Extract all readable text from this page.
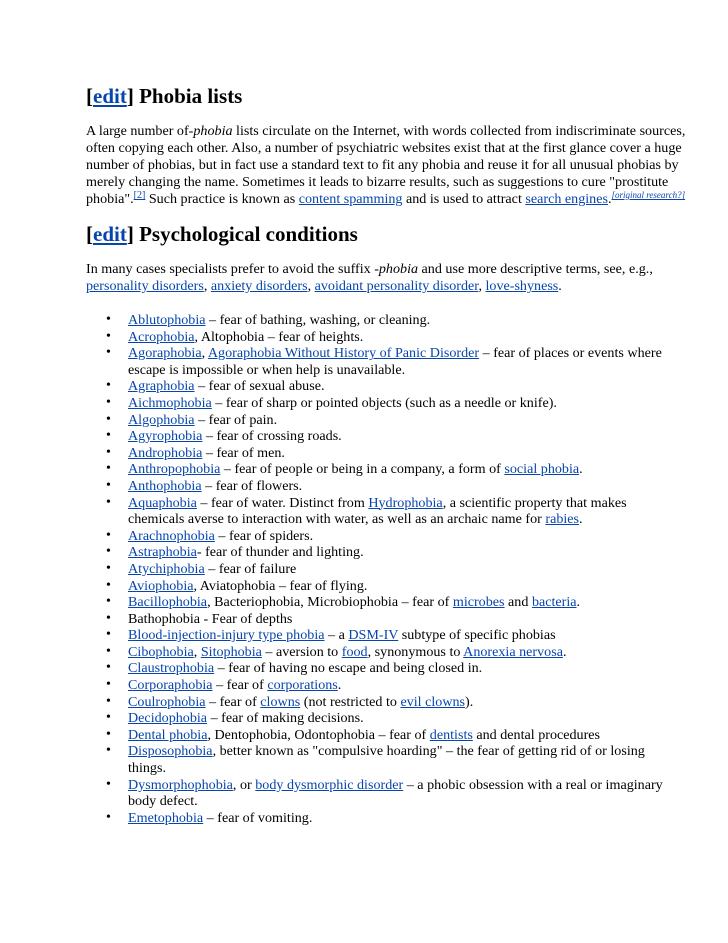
[edit] Phobia lists

A large number of-phobia lists circulate on the Internet, with words collected from indiscriminate sources, often copying each other. Also, a number of psychiatric websites exist that at the first glance cover a huge number of phobias, but in fact use a standard text to fit any phobia and reuse it for all unusual phobias by merely changing the name. Sometimes it leads to bizarre results, such as suggestions to cure "prostitute phobia".[2] Such practice is known as content spamming and is used to attract search engines.[original research?]

[edit] Psychological conditions

In many cases specialists prefer to avoid the suffix -phobia and use more descriptive terms, see, e.g., personality disorders, anxiety disorders, avoidant personality disorder, love-shyness.

• Ablutophobia – fear of bathing, washing, or cleaning.
• Acrophobia, Altophobia – fear of heights.
• Agoraphobia, Agoraphobia Without History of Panic Disorder – fear of places or events where escape is impossible or when help is unavailable.
• Agraphobia – fear of sexual abuse.
• Aichmophobia – fear of sharp or pointed objects (such as a needle or knife).
• Algophobia – fear of pain.
• Agyrophobia – fear of crossing roads.
• Androphobia – fear of men.
• Anthropophobia – fear of people or being in a company, a form of social phobia.
• Anthophobia – fear of flowers.
• Aquaphobia – fear of water. Distinct from Hydrophobia, a scientific property that makes chemicals averse to interaction with water, as well as an archaic name for rabies.
• Arachnophobia – fear of spiders.
• Astraphobia- fear of thunder and lighting.
• Atychiphobia – fear of failure
• Aviophobia, Aviatophobia – fear of flying.
• Bacillophobia, Bacteriophobia, Microbiophobia – fear of microbes and bacteria.
• Bathophobia - Fear of depths
• Blood-injection-injury type phobia – a DSM-IV subtype of specific phobias
• Cibophobia, Sitophobia – aversion to food, synonymous to Anorexia nervosa.
• Claustrophobia – fear of having no escape and being closed in.
• Corporaphobia – fear of corporations.
• Coulrophobia – fear of clowns (not restricted to evil clowns).
• Decidophobia – fear of making decisions.
• Dental phobia, Dentophobia, Odontophobia – fear of dentists and dental procedures
• Disposophobia, better known as "compulsive hoarding" – the fear of getting rid of or losing things.
• Dysmorphophobia, or body dysmorphic disorder – a phobic obsession with a real or imaginary body defect.
• Emetophobia – fear of vomiting.
